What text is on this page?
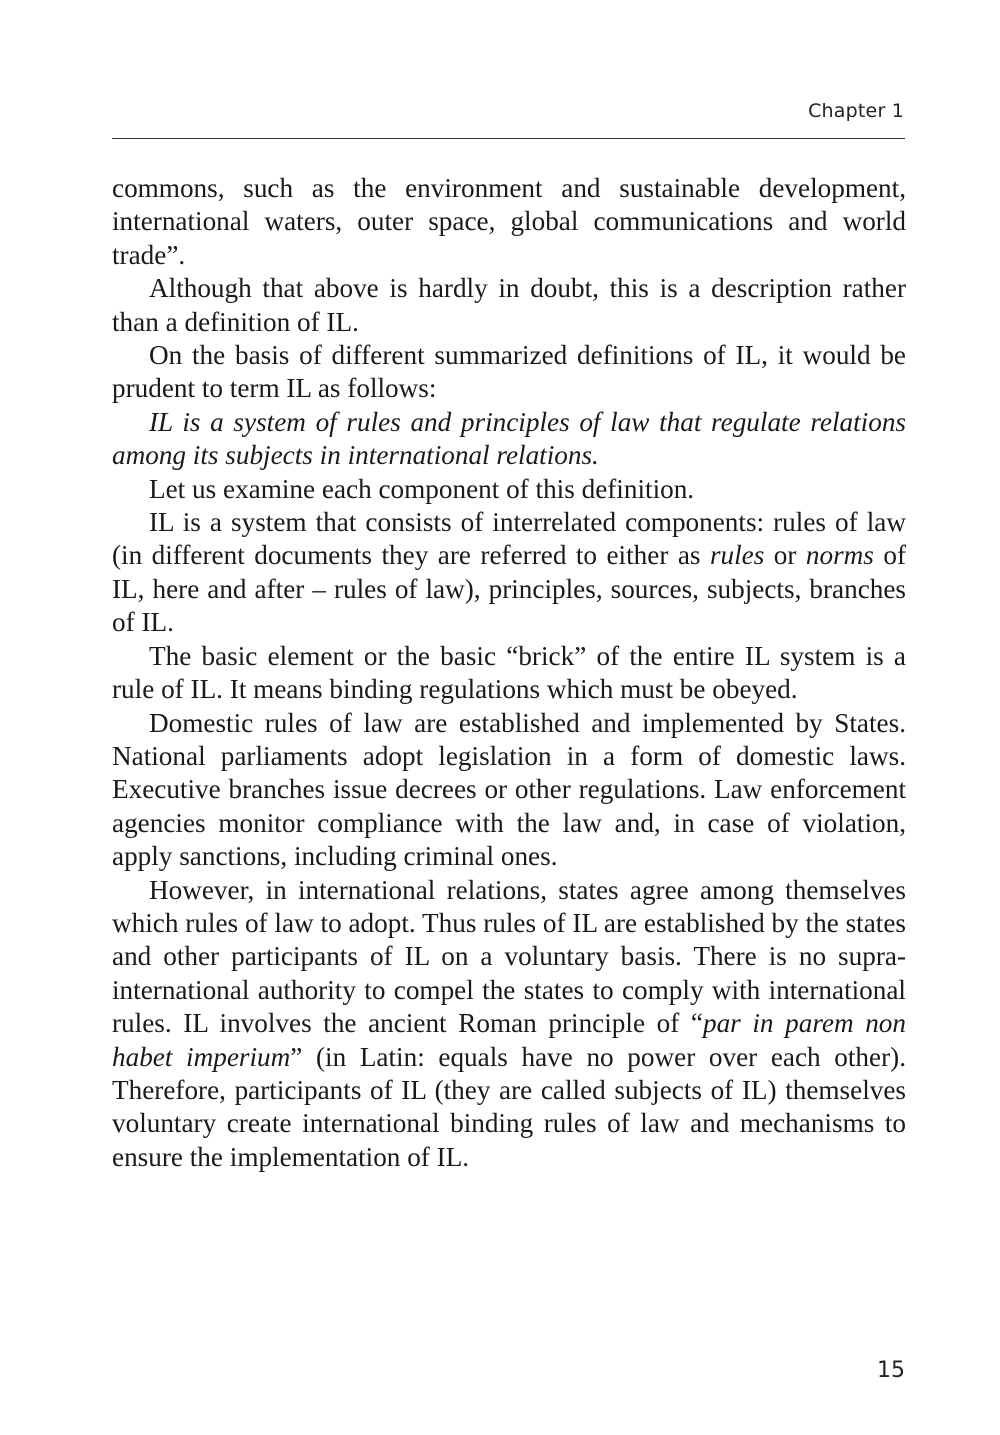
Chapter 1

commons, such as the environment and sustainable development, international waters, outer space, global communications and world trade”.

Although that above is hardly in doubt, this is a description rather than a definition of IL.

On the basis of different summarized definitions of IL, it would be prudent to term IL as follows:

IL is a system of rules and principles of law that regulate relations among its subjects in international relations.

Let us examine each component of this definition.

IL is a system that consists of interrelated components: rules of law (in different documents they are referred to either as rules or norms of IL, here and after – rules of law), principles, sources, subjects, branches of IL.

The basic element or the basic “brick” of the entire IL system is a rule of IL. It means binding regulations which must be obeyed.

Domestic rules of law are established and implemented by States. National parliaments adopt legislation in a form of domestic laws. Executive branches issue decrees or other regulations. Law enforcement agencies monitor compliance with the law and, in case of violation, apply sanctions, including criminal ones.

However, in international relations, states agree among themselves which rules of law to adopt. Thus rules of IL are established by the states and other participants of IL on a voluntary basis. There is no supra-international authority to compel the states to comply with international rules. IL involves the ancient Roman principle of “par in parem non habet imperium” (in Latin: equals have no power over each other). Therefore, participants of IL (they are called subjects of IL) themselves voluntary create international binding rules of law and mechanisms to ensure the implementation of IL.

15
